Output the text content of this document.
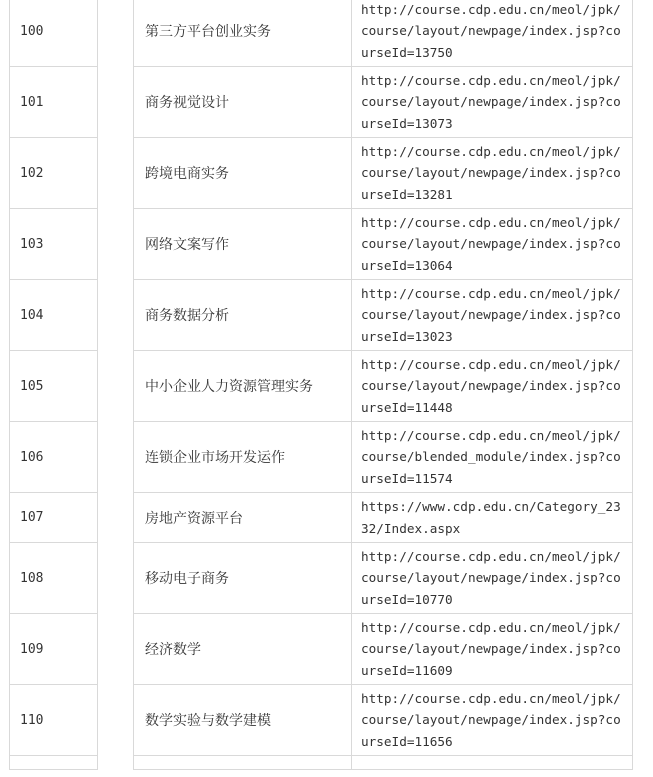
100		第三方平台创业实务	http://course.cdp.edu.cn/meol/jpk/course/layout/newpage/index.jsp?courseId=13750
101		商务视觉设计	http://course.cdp.edu.cn/meol/jpk/course/layout/newpage/index.jsp?courseId=13073
102		跨境电商实务	http://course.cdp.edu.cn/meol/jpk/course/layout/newpage/index.jsp?courseId=13281
103		网络文案写作	http://course.cdp.edu.cn/meol/jpk/course/layout/newpage/index.jsp?courseId=13064
104		商务数据分析	http://course.cdp.edu.cn/meol/jpk/course/layout/newpage/index.jsp?courseId=13023
105		中小企业人力资源管理实务	http://course.cdp.edu.cn/meol/jpk/course/layout/newpage/index.jsp?courseId=11448
106		连锁企业市场开发运作	http://course.cdp.edu.cn/meol/jpk/course/blended_module/index.jsp?courseId=11574
107		房地产资源平台	https://www.cdp.edu.cn/Category_2332/Index.aspx
108		移动电子商务	http://course.cdp.edu.cn/meol/jpk/course/layout/newpage/index.jsp?courseId=10770
109		经济数学	http://course.cdp.edu.cn/meol/jpk/course/layout/newpage/index.jsp?courseId=11609
110		数学实验与数学建模	http://course.cdp.edu.cn/meol/jpk/course/layout/newpage/index.jsp?courseId=11656
